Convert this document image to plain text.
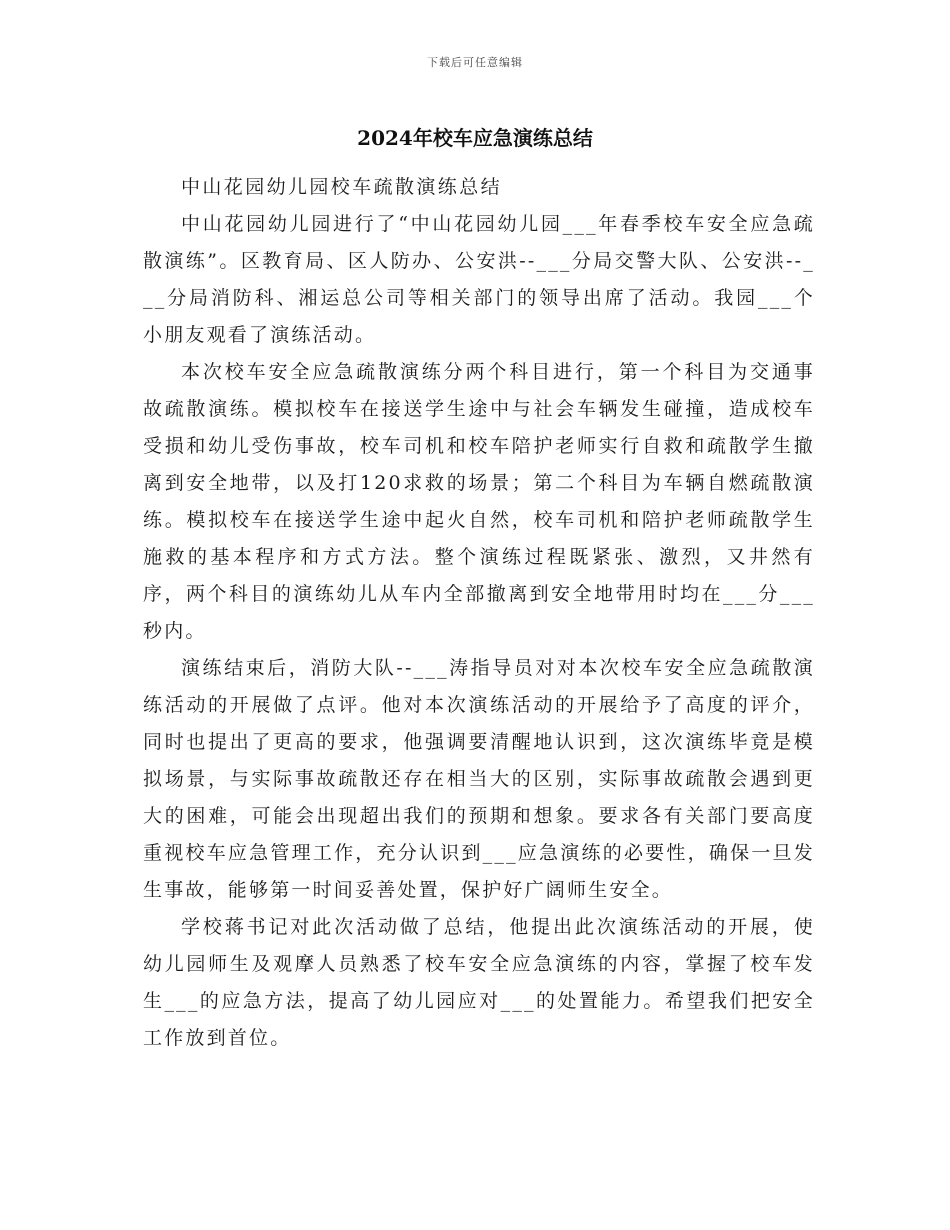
下载后可任意编辑
2024年校车应急演练总结

中山花园幼儿园校车疏散演练总结

中山花园幼儿园进行了“中山花园幼儿园___年春季校车安全应急疏散演练”。区教育局、区人防办、公安洪--___分局交警大队、公安洪--___分局消防科、湘运总公司等相关部门的领导出席了活动。我园___个小朋友观看了演练活动。

本次校车安全应急疏散演练分两个科目进行，第一个科目为交通事故疏散演练。模拟校车在接送学生途中与社会车辆发生碰撞，造成校车受损和幼儿受伤事故，校车司机和校车陪护老师实行自救和疏散学生撤离到安全地带，以及打120求救的场景；第二个科目为车辆自燃疏散演练。模拟校车在接送学生途中起火自然，校车司机和陪护老师疏散学生施救的基本程序和方式方法。整个演练过程既紧张、激烈，又井然有序，两个科目的演练幼儿从车内全部撤离到安全地带用时均在___分___秒内。

演练结束后，消防大队--___涛指导员对对本次校车安全应急疏散演练活动的开展做了点评。他对本次演练活动的开展给予了高度的评介，同时也提出了更高的要求，他强调要清醒地认识到，这次演练毕竟是模拟场景，与实际事故疏散还存在相当大的区别，实际事故疏散会遇到更大的困难，可能会出现超出我们的预期和想象。要求各有关部门要高度重视校车应急管理工作，充分认识到___应急演练的必要性，确保一旦发生事故，能够第一时间妥善处置，保护好广阔师生安全。

学校蒋书记对此次活动做了总结，他提出此次演练活动的开展，使幼儿园师生及观摩人员熟悉了校车安全应急演练的内容，掌握了校车发生___的应急方法，提高了幼儿园应对___的处置能力。希望我们把安全工作放到首位。
